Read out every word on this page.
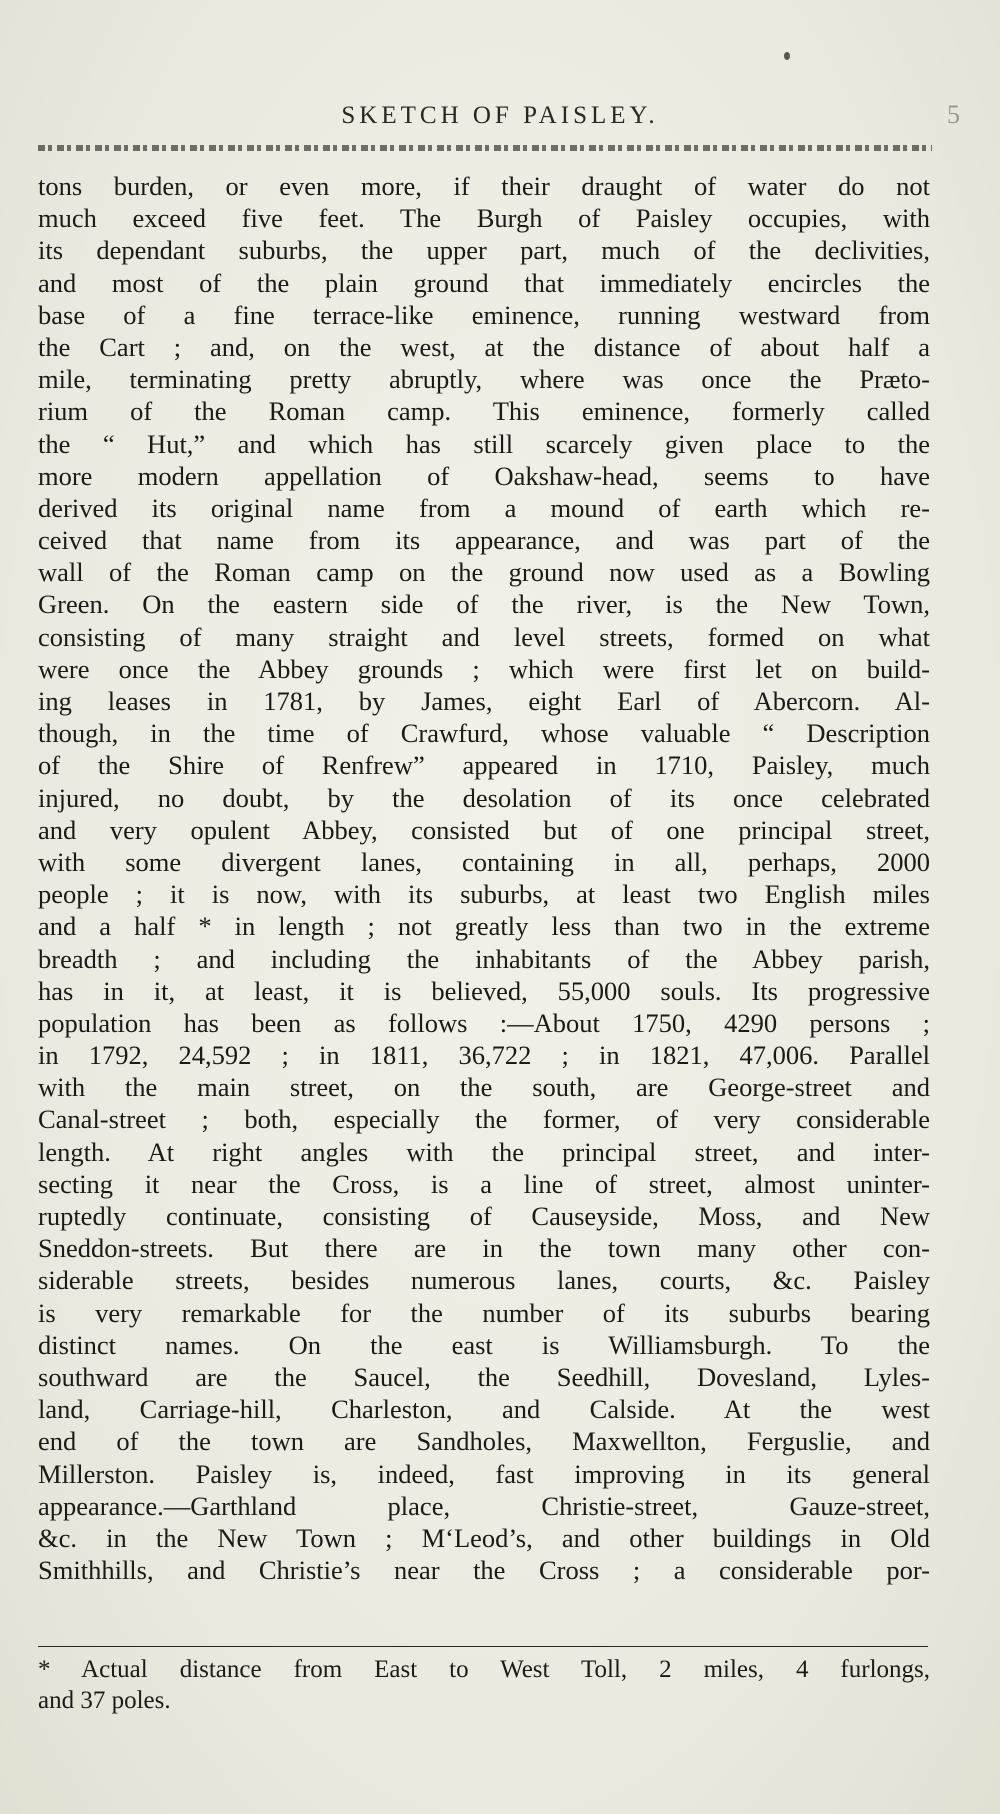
SKETCH OF PAISLEY.	5
tons burden, or even more, if their draught of water do not
much exceed five feet. The Burgh of Paisley occupies, with
its dependant suburbs, the upper part, much of the declivities,
and most of the plain ground that immediately encircles the
base of a fine terrace-like eminence, running westward from
the Cart ; and, on the west, at the distance of about half a
mile, terminating pretty abruptly, where was once the Præto-
rium of the Roman camp. This eminence, formerly called
the “ Hut,” and which has still scarcely given place to the
more modern appellation of Oakshaw-head, seems to have
derived its original name from a mound of earth which re-
ceived that name from its appearance, and was part of the
wall of the Roman camp on the ground now used as a Bowling
Green. On the eastern side of the river, is the New Town,
consisting of many straight and level streets, formed on what
were once the Abbey grounds ; which were first let on build-
ing leases in 1781, by James, eight Earl of Abercorn. Al-
though, in the time of Crawfurd, whose valuable “ Description
of the Shire of Renfrew” appeared in 1710, Paisley, much
injured, no doubt, by the desolation of its once celebrated
and very opulent Abbey, consisted but of one principal street,
with some divergent lanes, containing in all, perhaps, 2000
people ; it is now, with its suburbs, at least two English miles
and a half * in length ; not greatly less than two in the extreme
breadth ; and including the inhabitants of the Abbey parish,
has in it, at least, it is believed, 55,000 souls. Its progressive
population has been as follows :—About 1750, 4290 persons ;
in 1792, 24,592 ; in 1811, 36,722 ; in 1821, 47,006. Parallel
with the main street, on the south, are George-street and
Canal-street ; both, especially the former, of very considerable
length. At right angles with the principal street, and inter-
secting it near the Cross, is a line of street, almost uninter-
ruptedly continuate, consisting of Causeyside, Moss, and New
Sneddon-streets. But there are in the town many other con-
siderable streets, besides numerous lanes, courts, &c. Paisley
is very remarkable for the number of its suburbs bearing
distinct names. On the east is Williamsburgh. To the
southward are the Saucel, the Seedhill, Dovesland, Lyles-
land, Carriage-hill, Charleston, and Calside. At the west
end of the town are Sandholes, Maxwellton, Ferguslie, and
Millerston. Paisley is, indeed, fast improving in its general
appearance.—Garthland place, Christie-street, Gauze-street,
&c. in the New Town ; M‘Leod’s, and other buildings in Old
Smithhills, and Christie’s near the Cross ; a considerable por-
* Actual distance from East to West Toll, 2 miles, 4 furlongs,
and 37 poles.
